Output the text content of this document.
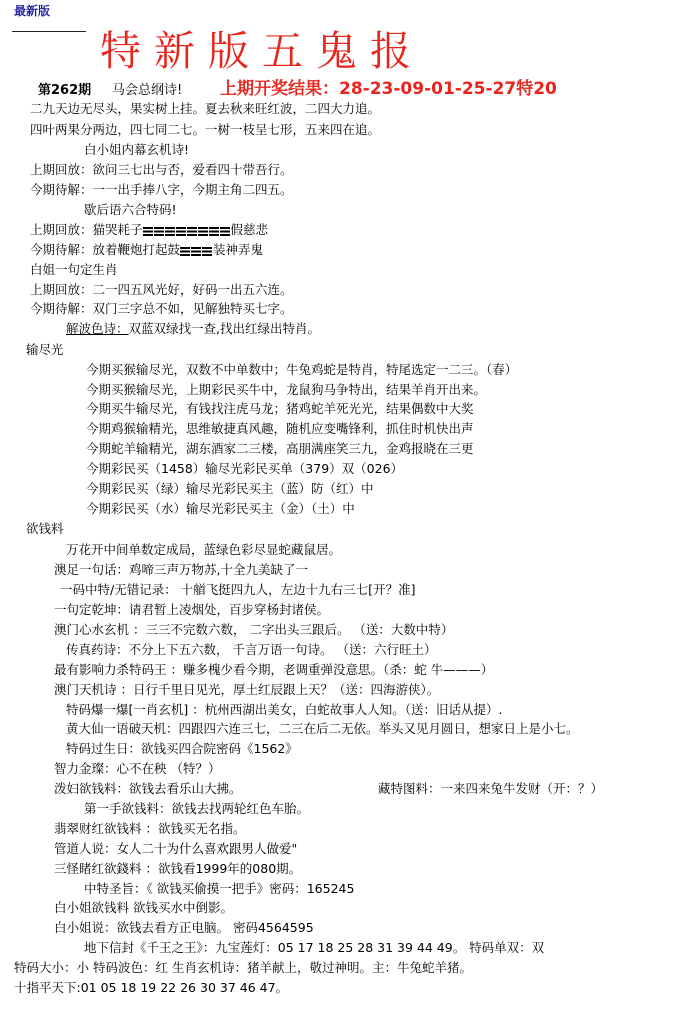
最新版
特新版五鬼报
第262期 马会总纲诗! 上期开奖结果：28-23-09-01-25-27特20
二九天边无尽头，果实树上挂。夏去秋来旺红波，二四大力追。
四叶两果分两边，四七同二七。一树一枝呈七形，五来四在追。
白小姐内幕玄机诗!
上期回放：欲问三七出与否，爱看四十带吾行。
今期待解：一一出手捧八字，今期主角二四五。
歇后语六合特码!
上期回放：猫哭耗子	假慈悲
今期待解：放着鞭炮打起鼓	装神弄鬼
白姐一句定生肖
上期回放：二一四五风光好，好码一出五六连。
今期待解：双门三字总不如，见解独特买七字。
解波色诗：双蓝双绿找一查,找出红绿出特肖。
输尽光
今期买猴输尽光，双数不中单数中；牛兔鸡蛇是特肖，特尾选定一二三。（春）
今期买猴输尽光，上期彩民买牛中，龙鼠狗马争特出，结果羊肖开出来。
今期买牛输尽光，有钱找注虎马龙；猪鸡蛇羊死光光，结果偶数中大奖
今期鸡猴输精光，思维敏捷真风趣，随机应变嘴锋利，抓住时机快出声
今期蛇羊输精光，湖东酒家二三楼，高朋满座笑三九，金鸡报晓在三更
今期彩民买（1458）输尽光彩民买单（379）双（026）
今期彩民买（绿）输尽光彩民买主（蓝）防（红）中
今期彩民买（水）输尽光彩民买主（金）（土）中
欲钱料
万花开中间单数定成局，蓝绿色彩尽显蛇藏鼠居。
澳足一句话：鸡啼三声万物苏,十全九美缺了一
一码中特/无错记录： 十艏飞挺四九人，左边十九右三七[开？准]
一句定乾坤：请君暂上凌烟处，百步穿杨封诸侯。
澳门心水玄机 ：三三不完数六数， 二字出头三跟后。 （送：大数中特）
传真药诗：不分上下五六数， 千言万语一句诗。 （送：六行旺土）
最有影响力杀特码王 ：赚多槐少看今期，老调重弹没意思。（杀：蛇 牛———）
澳门天机诗 ：日行千里日见光，厚土红辰跟上天？（送：四海游侠）。
特码爆一爆[一肖玄机] ：杭州西湖出美女，白蛇故事人人知。（送：旧话从提）.
黄大仙一语破天机：四跟四六连三七，二三在后二无依。举头又见月圆日，想家日上是小七。
特码过生日：欲钱买四合院密码《1562》
智力金璨：心不在秧 （特？）
泼妇欲钱料：欲钱去看乐山大拂。	藏特图料：一来四来兔牛发财（开：？）
第一手欲钱料：欲钱去找两轮红色车胎。
翡翠财红欲钱料 ：欲钱买无名指。
管道人说：女人二十为什么喜欢跟男人做爱"
三怪睹红欲錢料 ：欲钱看1999年的080期。
中特圣旨：《 欲钱买偷摸一把手》密码：165245
白小姐欲钱料 欲钱买水中倒影。
白小姐说：欲钱去看方正电脑。 密码4564595
地下信封《千王之王》：九宝莲灯：05 17 18 25 28 31 39 44 49。 特码单双：双
特码大小：小 特码波色：红 生肖玄机诗：猪羊献上，敬过神明。主：牛兔蛇羊猪。
十指平天下:01 05 18 19 22 26 30 37 46 47。
